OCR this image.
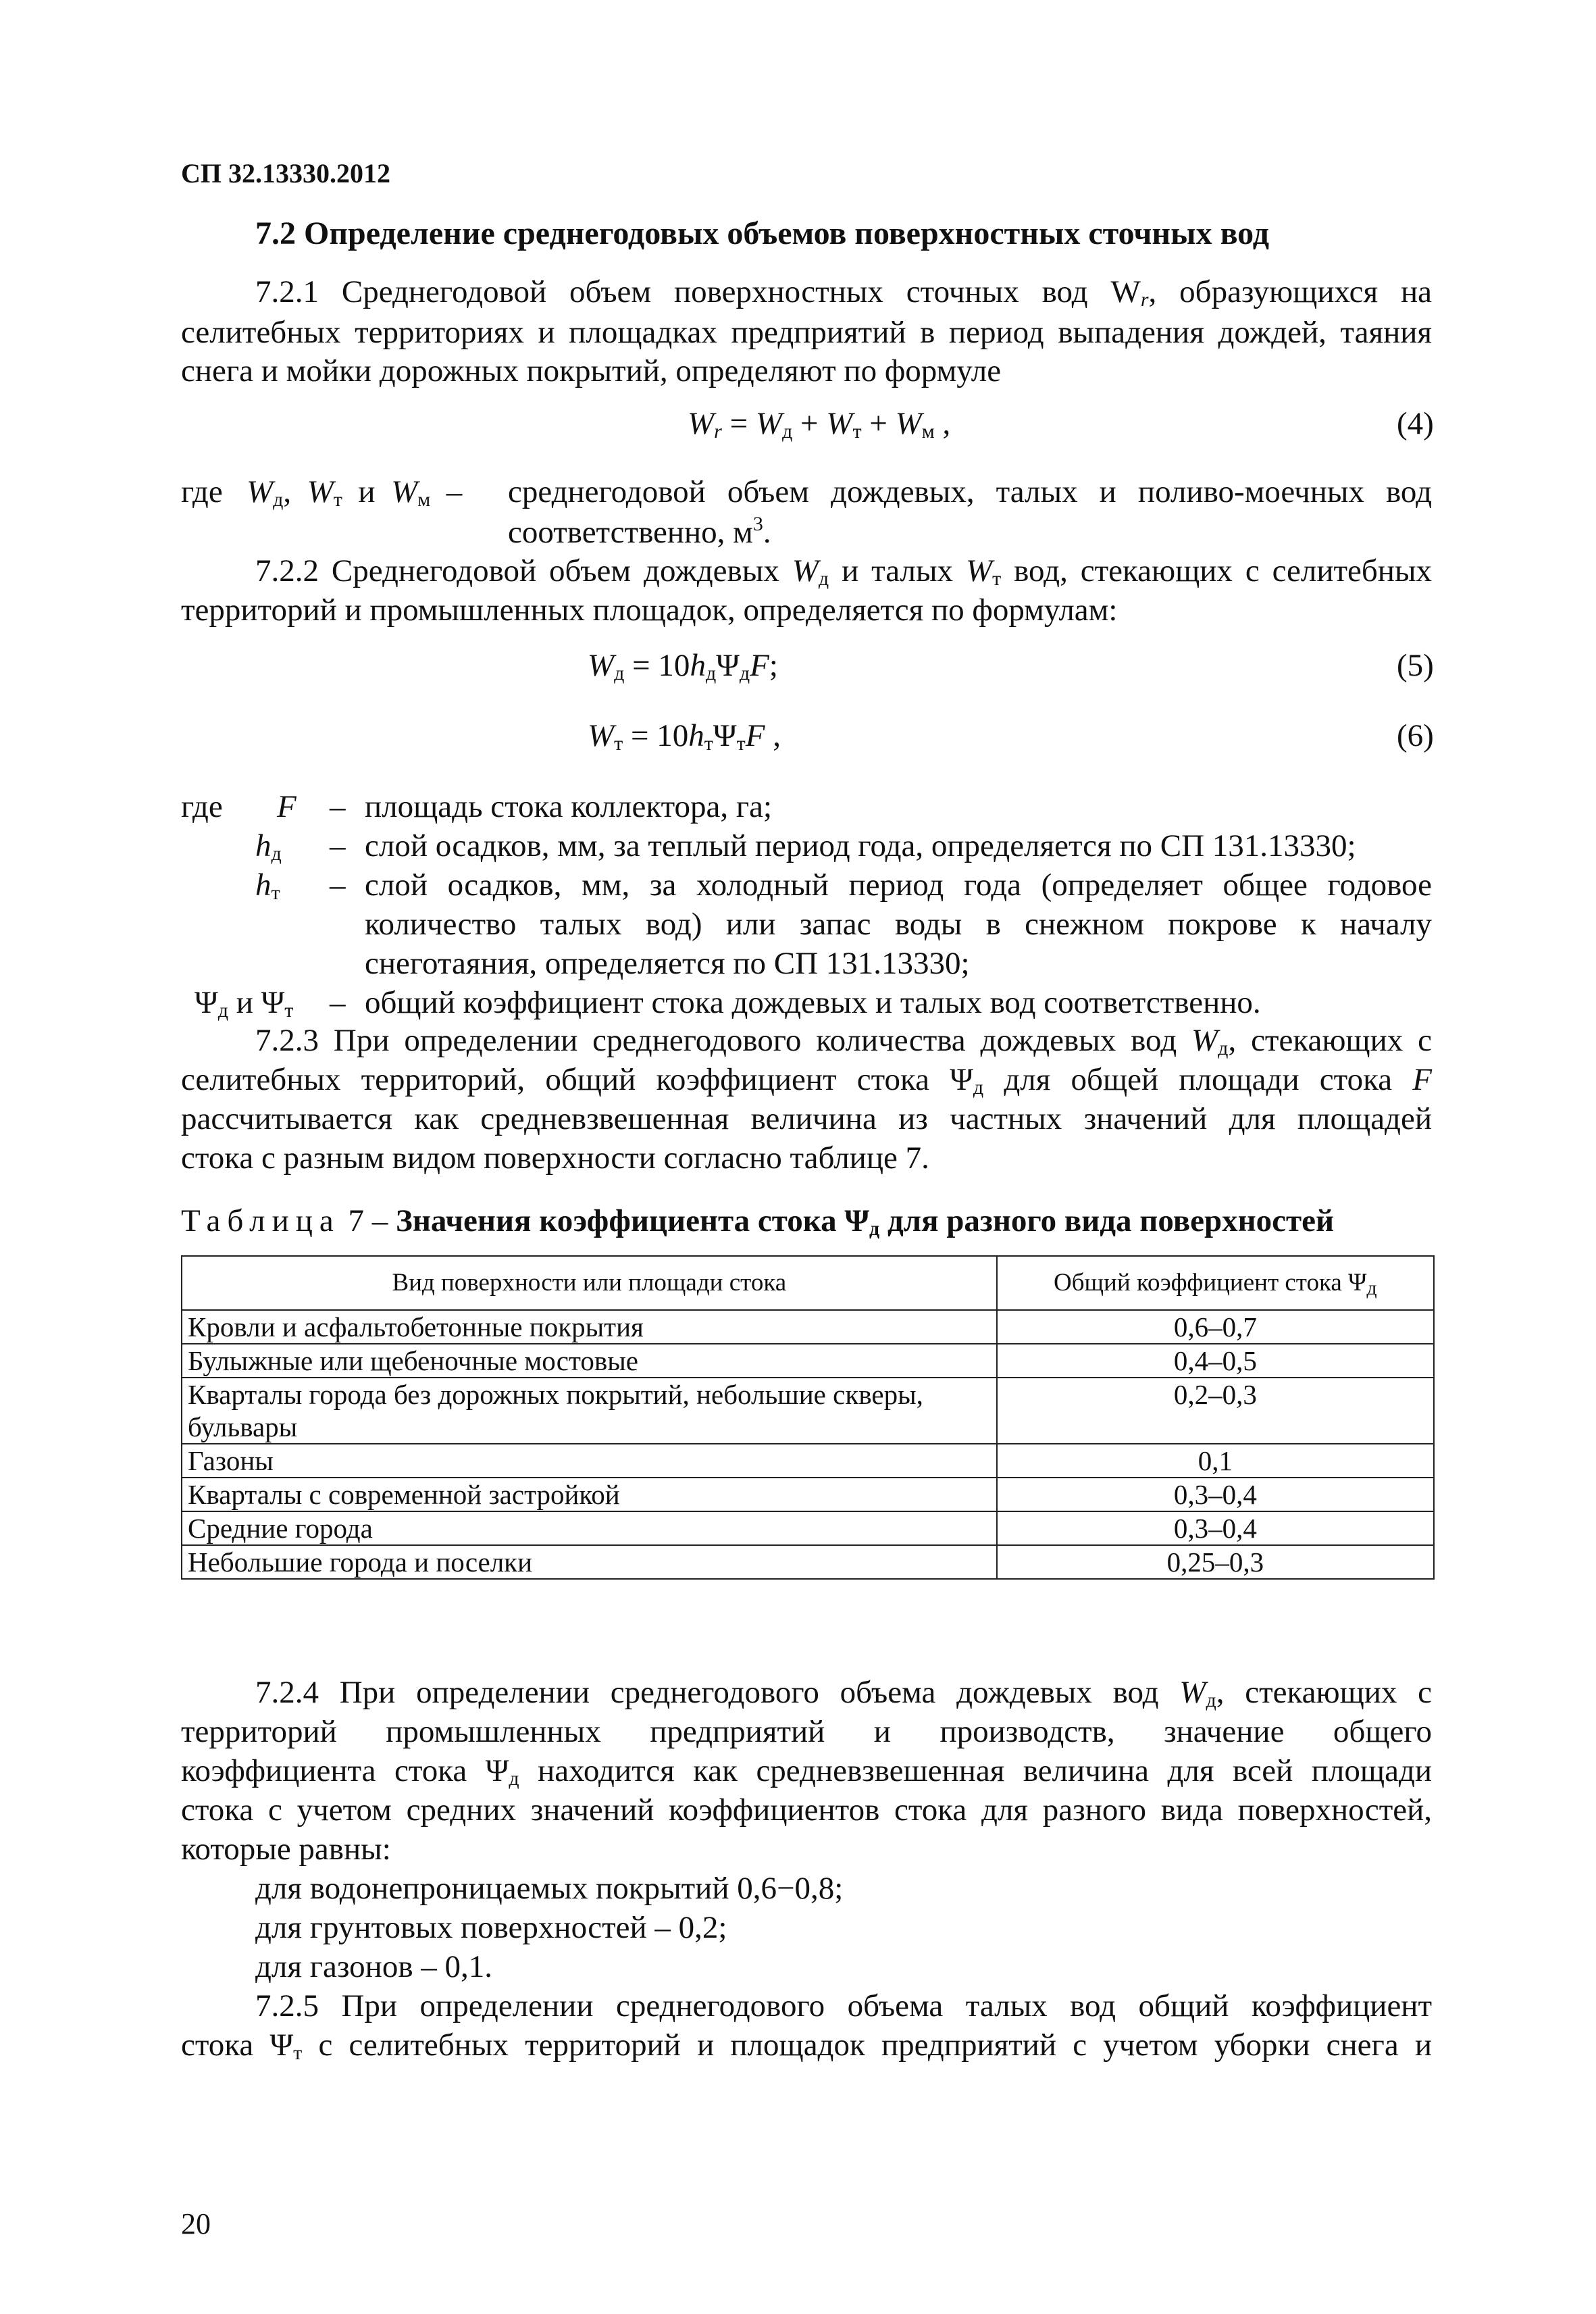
СП 32.13330.2012
7.2 Определение среднегодовых объемов поверхностных сточных вод
7.2.1 Среднегодовой объем поверхностных сточных вод $W_r$, образующихся на
селитебных территориях и площадках предприятий в период выпадения дождей, таяния
снега и мойки дорожных покрытий, определяют по формуле
$W_r = W_д + W_т + W_м$ ,	(4)
где $W_д$, $W_т$ и $W_м$ – среднегодовой объем дождевых, талых и поливо-моечных вод
соответственно, $м^3$.
7.2.2 Среднегодовой объем дождевых $W_д$ и талых $W_т$ вод, стекающих с селитебных
территорий и промышленных площадок, определяется по формулам:
$W_д = 10h_д\Psi_дF$;	(5)
$W_т = 10h_т\Psi_тF$ ,	(6)
где F – площадь стока коллектора, га;
$h_д$ – слой осадков, мм, за теплый период года, определяется по СП 131.13330;
$h_т$ – слой осадков, мм, за холодный период года (определяет общее годовое
количество талых вод) или запас воды в снежном покрове к началу
снеготаяния, определяется по СП 131.13330;
$\Psi_д$ и $\Psi_т$ – общий коэффициент стока дождевых и талых вод соответственно.
7.2.3 При определении среднегодового количества дождевых вод $W_д$, стекающих с
селитебных территорий, общий коэффициент стока $\Psi_д$ для общей площади стока F
рассчитывается как средневзвешенная величина из частных значений для площадей
стока с разным видом поверхности согласно таблице 7.
Таблица 7 – Значения коэффициента стока $\Psi_д$ для разного вида поверхностей
Вид поверхности или площади стока	Общий коэффициент стока $\Psi_д$
Кровли и асфальтобетонные покрытия	0,6–0,7
Булыжные или щебеночные мостовые	0,4–0,5
Кварталы города без дорожных покрытий, небольшие скверы, бульвары	0,2–0,3
Газоны	0,1
Кварталы с современной застройкой	0,3–0,4
Средние города	0,3–0,4
Небольшие города и поселки	0,25–0,3
7.2.4 При определении среднегодового объема дождевых вод $W_д$, стекающих с
территорий промышленных предприятий и производств, значение общего
коэффициента стока $\Psi_д$ находится как средневзвешенная величина для всей площади
стока с учетом средних значений коэффициентов стока для разного вида поверхностей,
которые равны:
для водонепроницаемых покрытий 0,6−0,8;
для грунтовых поверхностей – 0,2;
для газонов – 0,1.
7.2.5 При определении среднегодового объема талых вод общий коэффициент
стока $\Psi_т$ с селитебных территорий и площадок предприятий с учетом уборки снега и
20
